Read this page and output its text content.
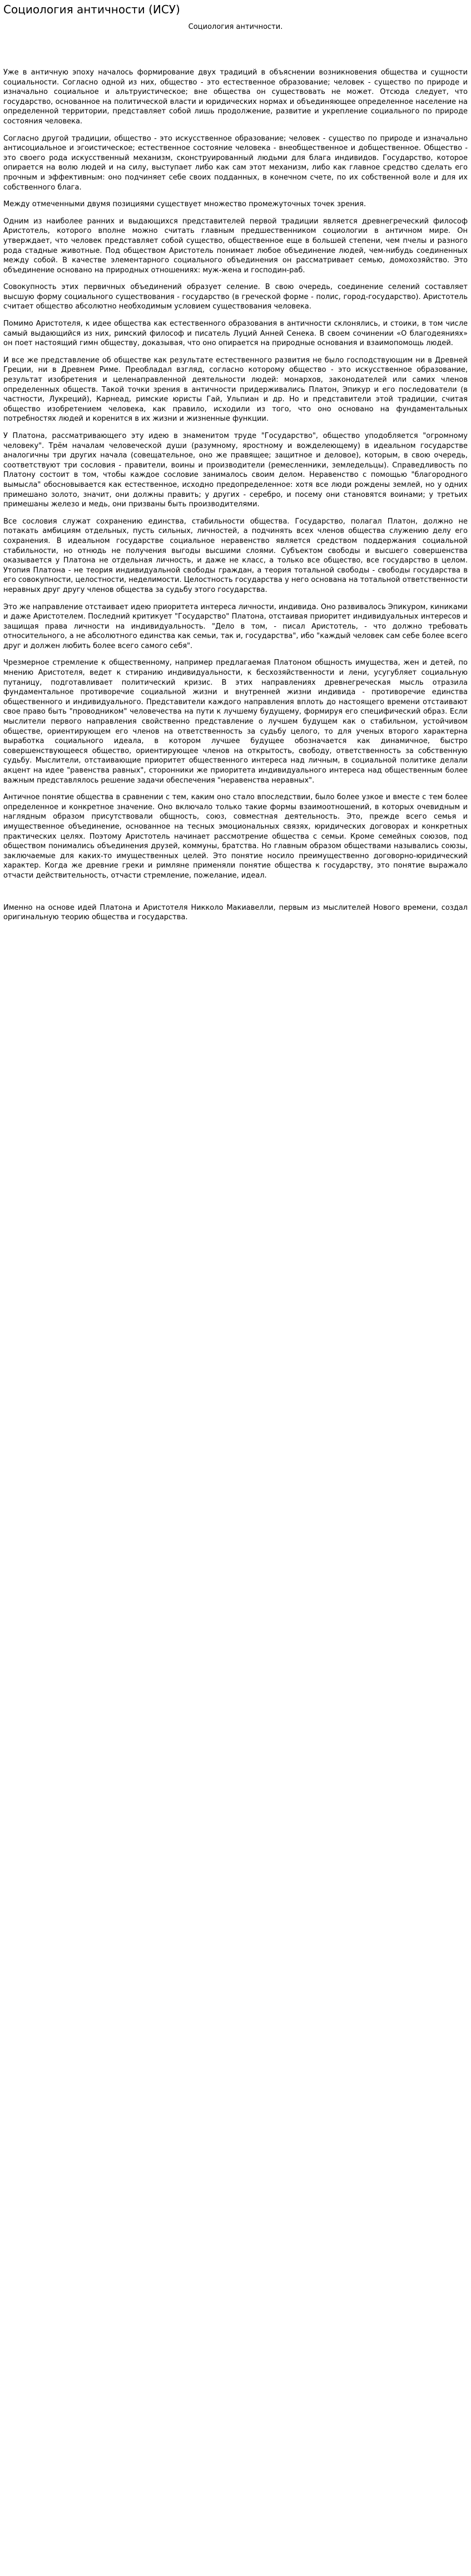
Социология античности (ИСУ)
Социология античности.

Уже в античную эпоху началось формирование двух традиций в объяснении возникновения общества и сущности социальности. Согласно одной из них, общество - это естественное образование; человек - существо по природе и изначально социальное и альтруистическое; вне общества он существовать не может. Отсюда следует, что государство, основанное на политической власти и юридических нормах и объединяющее определенное население на определенной территории, представляет собой лишь продолжение, развитие и укрепление социального по природе состояния человека.

Согласно другой традиции, общество - это искусственное образование; человек - существо по природе и изначально антисоциальное и эгоистическое; естественное состояние человека - внеобщественное и добщественное. Общество - это своего рода искусственный механизм, сконструированный людьми для блага индивидов. Государство, которое опирается на волю людей и на силу, выступает либо как сам этот механизм, либо как главное средство сделать его прочным и эффективным: оно подчиняет себе своих подданных, в конечном счете, по их собственной воле и для их собственного блага.

Между отмеченными двумя позициями существует множество промежуточных точек зрения.

Одним из наиболее ранних и выдающихся представителей первой традиции является древнегреческий философ Аристотель, которого вполне можно считать главным предшественником социологии в античном мире. Он утверждает, что человек представляет собой существо, общественное еще в большей степени, чем пчелы и разного рода стадные животные. Под обществом Аристотель понимает любое объединение людей, чем-нибудь соединенных между собой. В качестве элементарного социального объединения он рассматривает семью, домохозяйство. Это объединение основано на природных отношениях: муж-жена и господин-раб.

Совокупность этих первичных объединений образует селение. В свою очередь, соединение селений составляет высшую форму социального существования - государство (в греческой форме - полис, город-государство). Аристотель считает общество абсолютно необходимым условием существования человека.

Помимо Аристотеля, к идее общества как естественного образования в античности склонялись, и стоики, в том числе самый выдающийся из них, римский философ и писатель Луций Анней Сенека. В своем сочинении «О благодеяниях» он поет настоящий гимн обществу, доказывая, что оно опирается на природные основания и взаимопомощь людей.

И все же представление об обществе как результате естественного развития не было господствующим ни в Древней Греции, ни в Древнем Риме. Преобладал взгляд, согласно которому общество - это искусственное образование, результат изобретения и целенаправленной деятельности людей: монархов, законодателей или самих членов определенных обществ. Такой точки зрения в античности придерживались Платон, Эпикур и его последователи (в частности, Лукреций), Карнеад, римские юристы Гай, Ульпиан и др. Но и представители этой традиции, считая общество изобретением человека, как правило, исходили из того, что оно основано на фундаментальных потребностях людей и коренится в их жизни и жизненные функции.

У Платона, рассматривающего эту идею в знаменитом труде "Государство", общество уподобляется "огромному человеку". Трём началам человеческой души (разумному, яростному и вожделеющему) в идеальном государстве аналогичны три других начала (совещательное, оно же правящее; защитное и деловое), которым, в свою очередь, соответствуют три сословия - правители, воины и производители (ремесленники, земледельцы). Справедливость по Платону состоит в том, чтобы каждое сословие занималось своим делом. Неравенство с помощью "благородного вымысла" обосновывается как естественное, исходно предопределенное: хотя все люди рождены землей, но у одних примешано золото, значит, они должны править; у других - серебро, и посему они становятся воинами; у третьих примешаны железо и медь, они призваны быть производителями.

Все сословия служат сохранению единства, стабильности общества. Государство, полагал Платон, должно не потакать амбициям отдельных, пусть сильных, личностей, а подчинять всех членов общества служению делу его сохранения. В идеальном государстве социальное неравенство является средством поддержания социальной стабильности, но отнюдь не получения выгоды высшими слоями. Субъектом свободы и высшего совершенства оказывается у Платона не отдельная личность, и даже не класс, а только все общество, все государство в целом. Утопия Платона - не теория индивидуальной свободы граждан, а теория тотальной свободы - свободы государства в его совокупности, целостности, неделимости. Целостность государства у него основана на тотальной ответственности неравных друг другу членов общества за судьбу этого государства.

Это же направление отстаивает идею приоритета интереса личности, индивида. Оно развивалось Эпикуром, киниками и даже Аристотелем. Последний критикует "Государство" Платона, отстаивая приоритет индивидуальных интересов и защищая права личности на индивидуальность. "Дело в том, - писал Аристотель, - что должно требовать относительного, а не абсолютного единства как семьи, так и, государства", ибо "каждый человек сам себе более всего друг и должен любить более всего самого себя".

Чрезмерное стремление к общественному, например предлагаемая Платоном общность имущества, жен и детей, по мнению Аристотеля, ведет к стиранию индивидуальности, к бесхозяйственности и лени, усугубляет социальную путаницу, подготавливает политический кризис. В этих направлениях древнегреческая мысль отразила фундаментальное противоречие социальной жизни и внутренней жизни индивида - противоречие единства общественного и индивидуального. Представители каждого направления вплоть до настоящего времени отстаивают свое право быть "проводником" человечества на пути к лучшему будущему, формируя его специфический образ. Если мыслители первого направления свойственно представление о лучшем будущем как о стабильном, устойчивом обществе, ориентирующем его членов на ответственность за судьбу целого, то для ученых второго характерна выработка социального идеала, в котором лучшее будущее обозначается как динамичное, быстро совершенствующееся общество, ориентирующее членов на открытость, свободу, ответственность за собственную судьбу. Мыслители, отстаивающие приоритет общественного интереса над личным, в социальной политике делали акцент на идее "равенства равных", сторонники же приоритета индивидуального интереса над общественным более важным представлялось решение задачи обеспечения "неравенства неравных".

Античное понятие общества в сравнении с тем, каким оно стало впоследствии, было более узкое и вместе с тем более определенное и конкретное значение. Оно включало только такие формы взаимоотношений, в которых очевидным и наглядным образом присутствовали общность, союз, совместная деятельность. Это, прежде всего семья и имущественное объединение, основанное на тесных эмоциональных связях, юридических договорах и конкретных практических целях. Поэтому Аристотель начинает рассмотрение общества с семьи. Кроме семейных союзов, под обществом понимались объединения друзей, коммуны, братства. Но главным образом обществами назывались союзы, заключаемые для каких-то имущественных целей. Это понятие носило преимущественно договорно-юридический характер. Когда же древние греки и римляне применяли понятие общества к государству, это понятие выражало отчасти действительность, отчасти стремление, пожелание, идеал.

Именно на основе идей Платона и Аристотеля Никколо Макиавелли, первым из мыслителей Нового времени, создал оригинальную теорию общества и государства.
